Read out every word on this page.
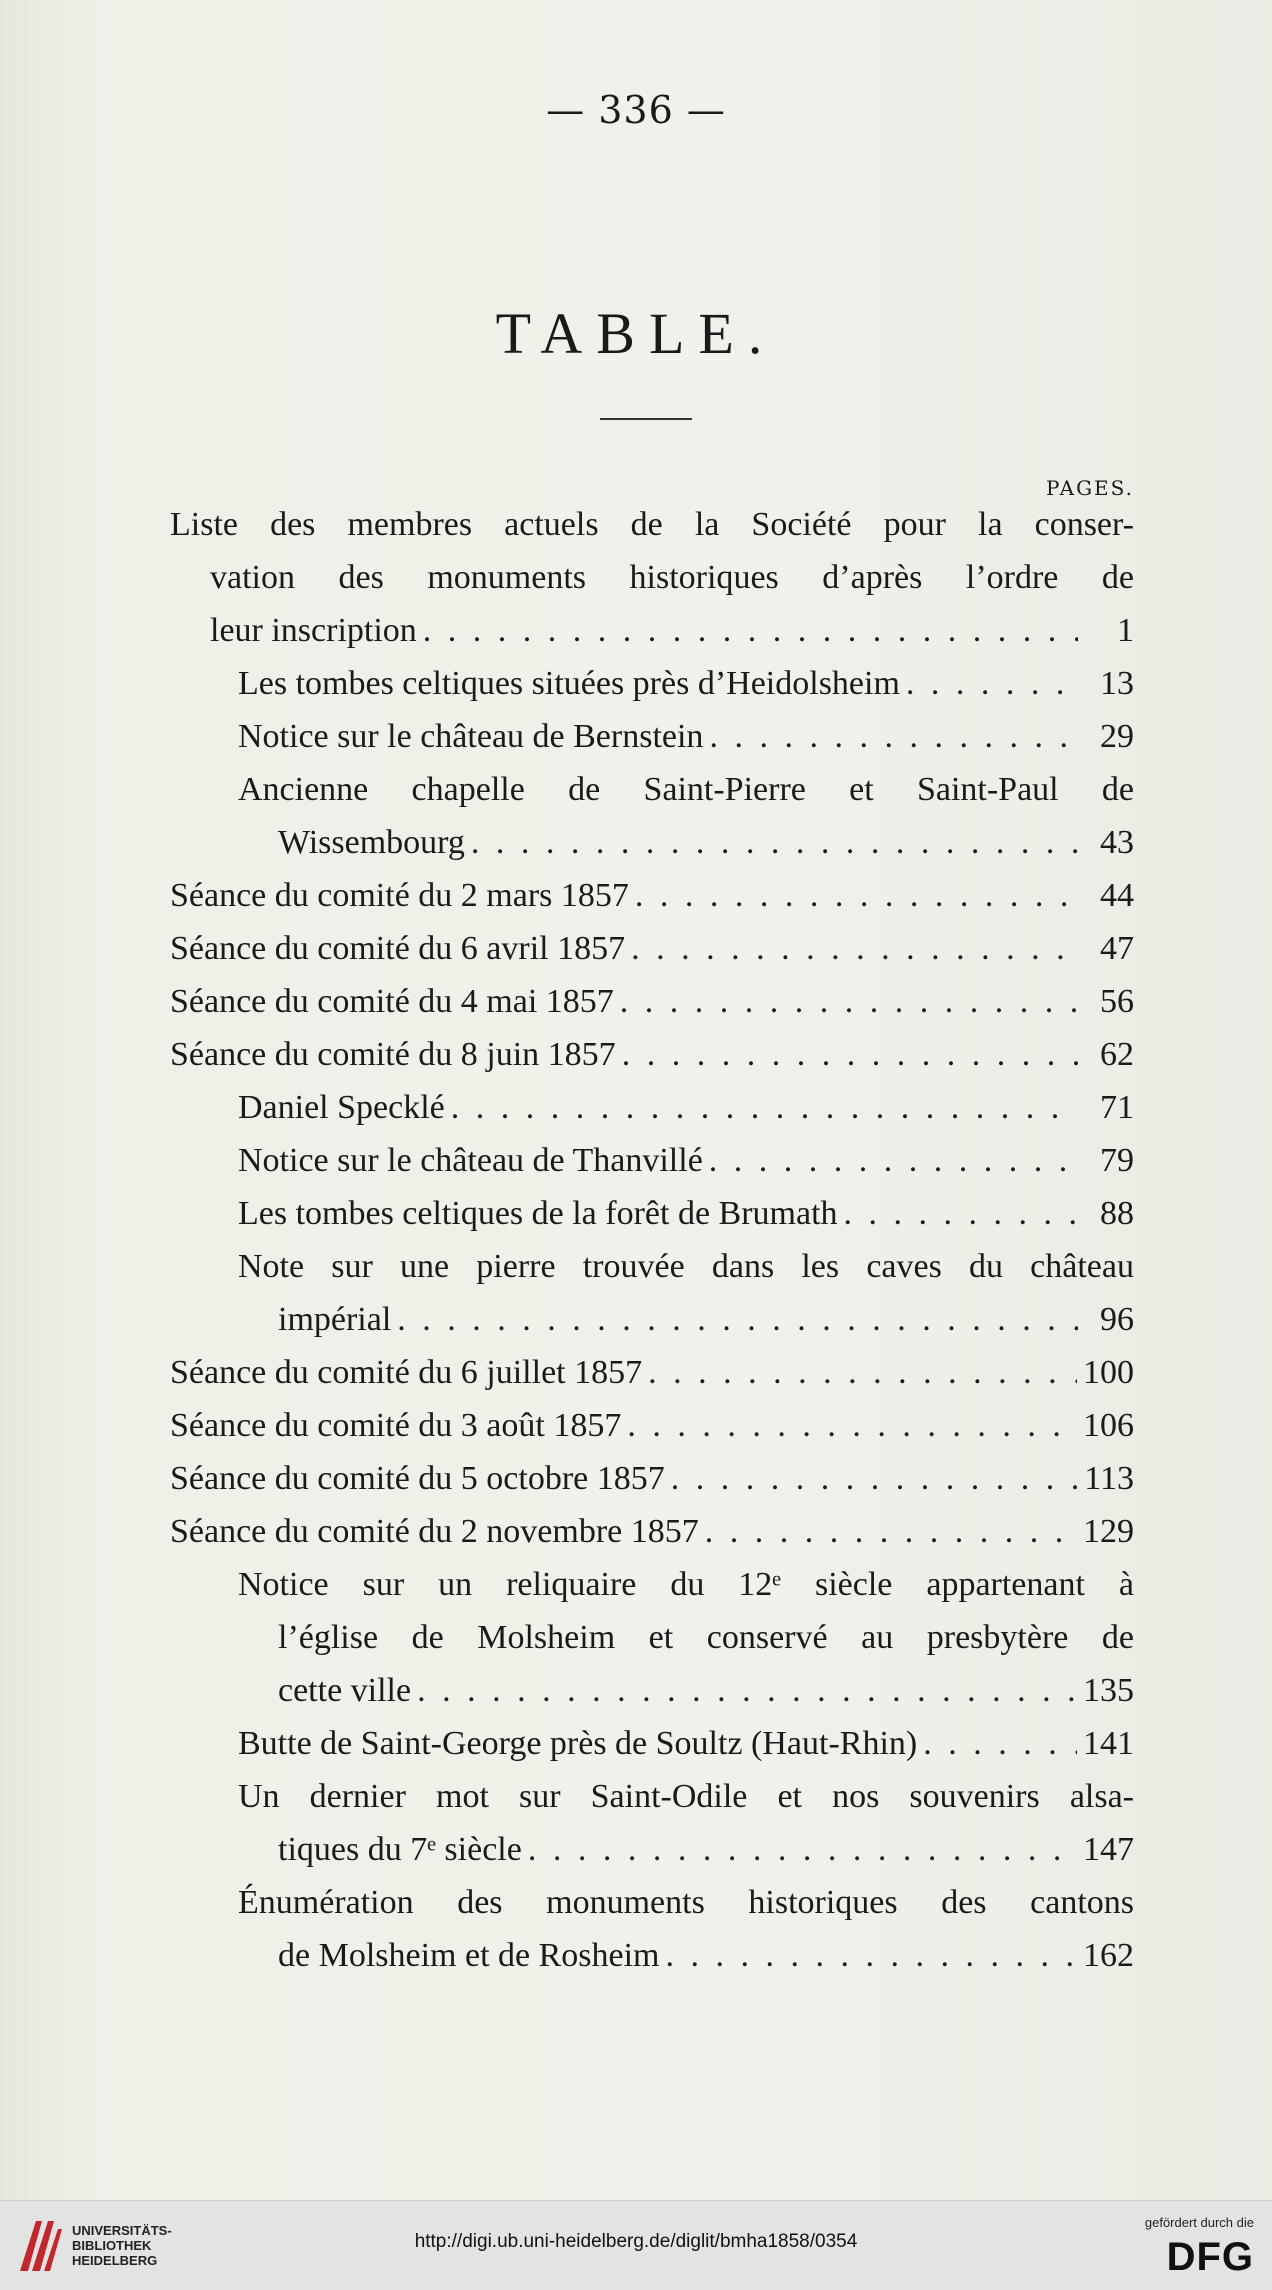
— 336 —
TABLE.
PAGES.
Liste des membres actuels de la Société pour la conser-
vation des monuments historiques d’après l’ordre de
leur inscription . . .	1
Les tombes celtiques situées près d’Heidolsheim . . .	13
Notice sur le château de Bernstein . . .	29
Ancienne chapelle de Saint-Pierre et Saint-Paul de
Wissembourg . . .	43
Séance du comité du 2 mars 1857 . . .	44
Séance du comité du 6 avril 1857 . . .	47
Séance du comité du 4 mai 1857 . . .	56
Séance du comité du 8 juin 1857 . . .	62
Daniel Specklé . . .	71
Notice sur le château de Thanvillé . . .	79
Les tombes celtiques de la forêt de Brumath . . .	88
Note sur une pierre trouvée dans les caves du château
impérial . . .	96
Séance du comité du 6 juillet 1857 . . .	100
Séance du comité du 3 août 1857 . . .	106
Séance du comité du 5 octobre 1857 . . .	113
Séance du comité du 2 novembre 1857 . . .	129
Notice sur un reliquaire du 12ᵉ siècle appartenant à
l’église de Molsheim et conservé au presbytère de
cette ville . . .	135
Butte de Saint-George près de Soultz (Haut-Rhin) . . .	141
Un dernier mot sur Saint-Odile et nos souvenirs alsa-
tiques du 7ᵉ siècle . . .	147
Énumération des monuments historiques des cantons
de Molsheim et de Rosheim . . .	162
UNIVERSITÄTS-
BIBLIOTHEK
HEIDELBERG
http://digi.ub.uni-heidelberg.de/diglit/bmha1858/0354
gefördert durch die
DFG
